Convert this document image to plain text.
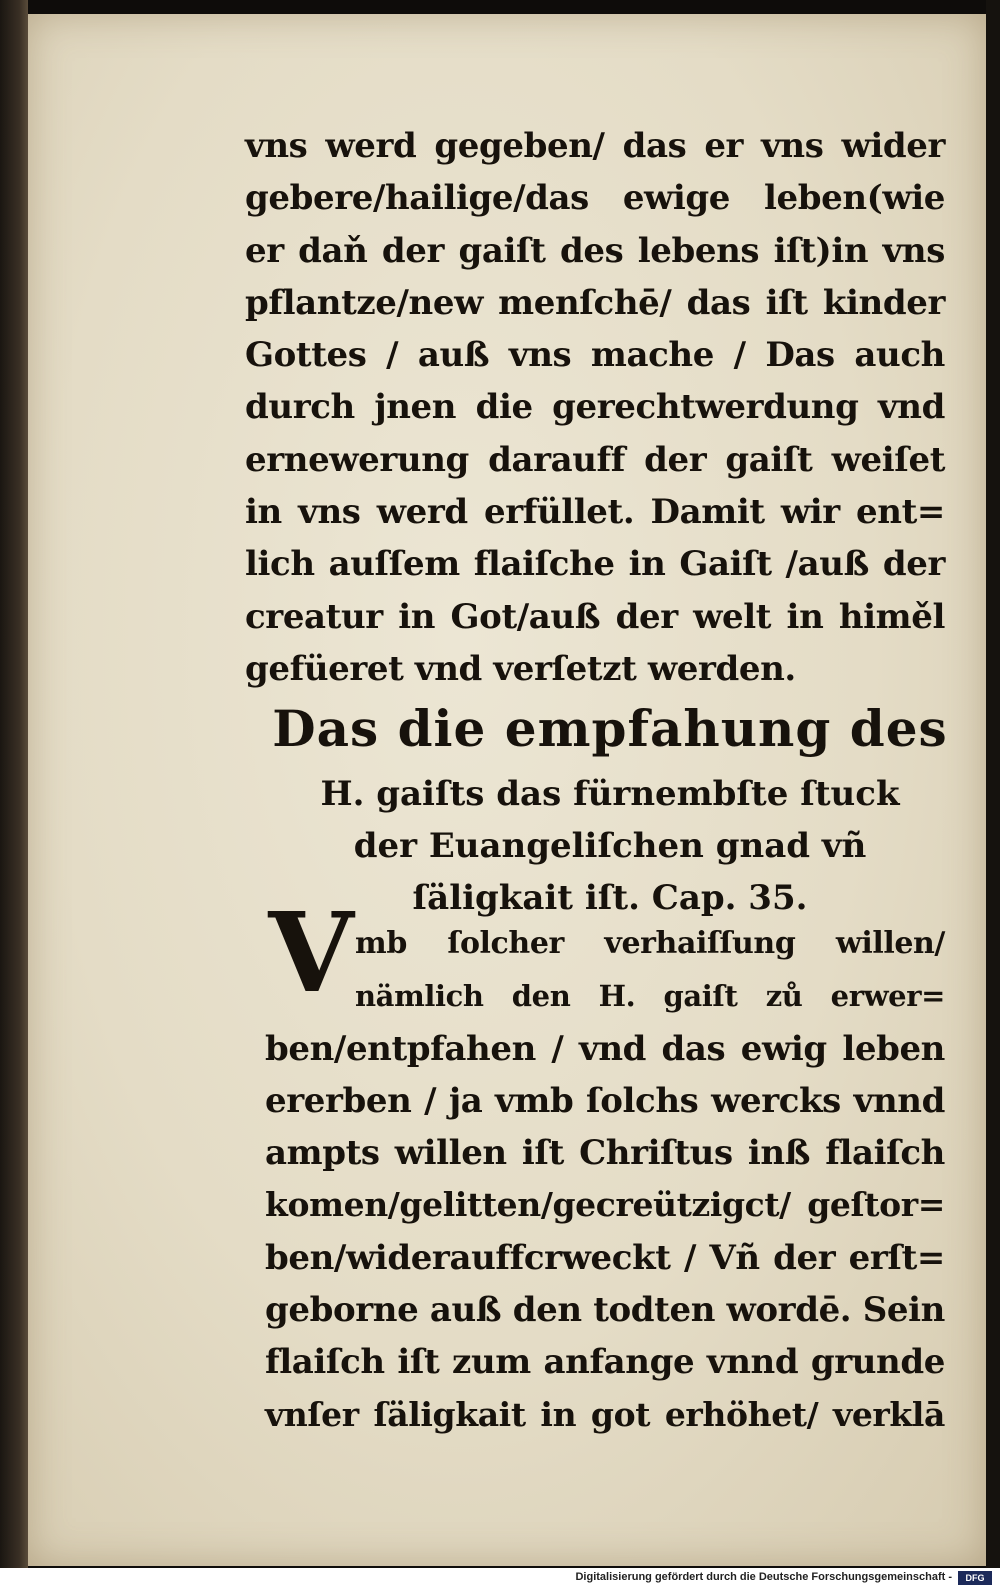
vns werd gegeben/ das er vns wider
gebere/hailige/das ewige leben(wie
er daň der gaiſt des lebens iſt)in vns
pflantze/new menſchē/ das iſt kinder
Gottes / auß vns mache / Das auch
durch jnen die gerechtwerdung vnd
ernewerung darauff der gaiſt weiſet
in vns werd erfüllet. Damit wir ent=
lich auſſem flaiſche in Gaiſt /auß der
creatur in Got/auß der welt in himěl
gefüeret vnd verſetzt werden.
Das die empfahung des
H. gaiſts das fürnembſte ſtuck
der Euangeliſchen gnad vñ
ſäligkait iſt. Cap. 35.
V mb ſolcher verhaiſſung willen/
nämlich den H. gaiſt zů erwer=
ben/entpfahen / vnd das ewig leben
ererben / ja vmb ſolchs wercks vnnd
ampts willen iſt Chriſtus inß flaiſch
komen/gelitten/gecreützigct/ geſtor=
ben/widerauffcrweckt / Vñ der erſt=
geborne auß den todten wordē. Sein
flaiſch iſt zum anfange vnnd grunde
vnſer ſäligkait in got erhöhet/ verklā
Digitalisierung gefördert durch die Deutsche Forschungsgemeinschaft -	DFG
